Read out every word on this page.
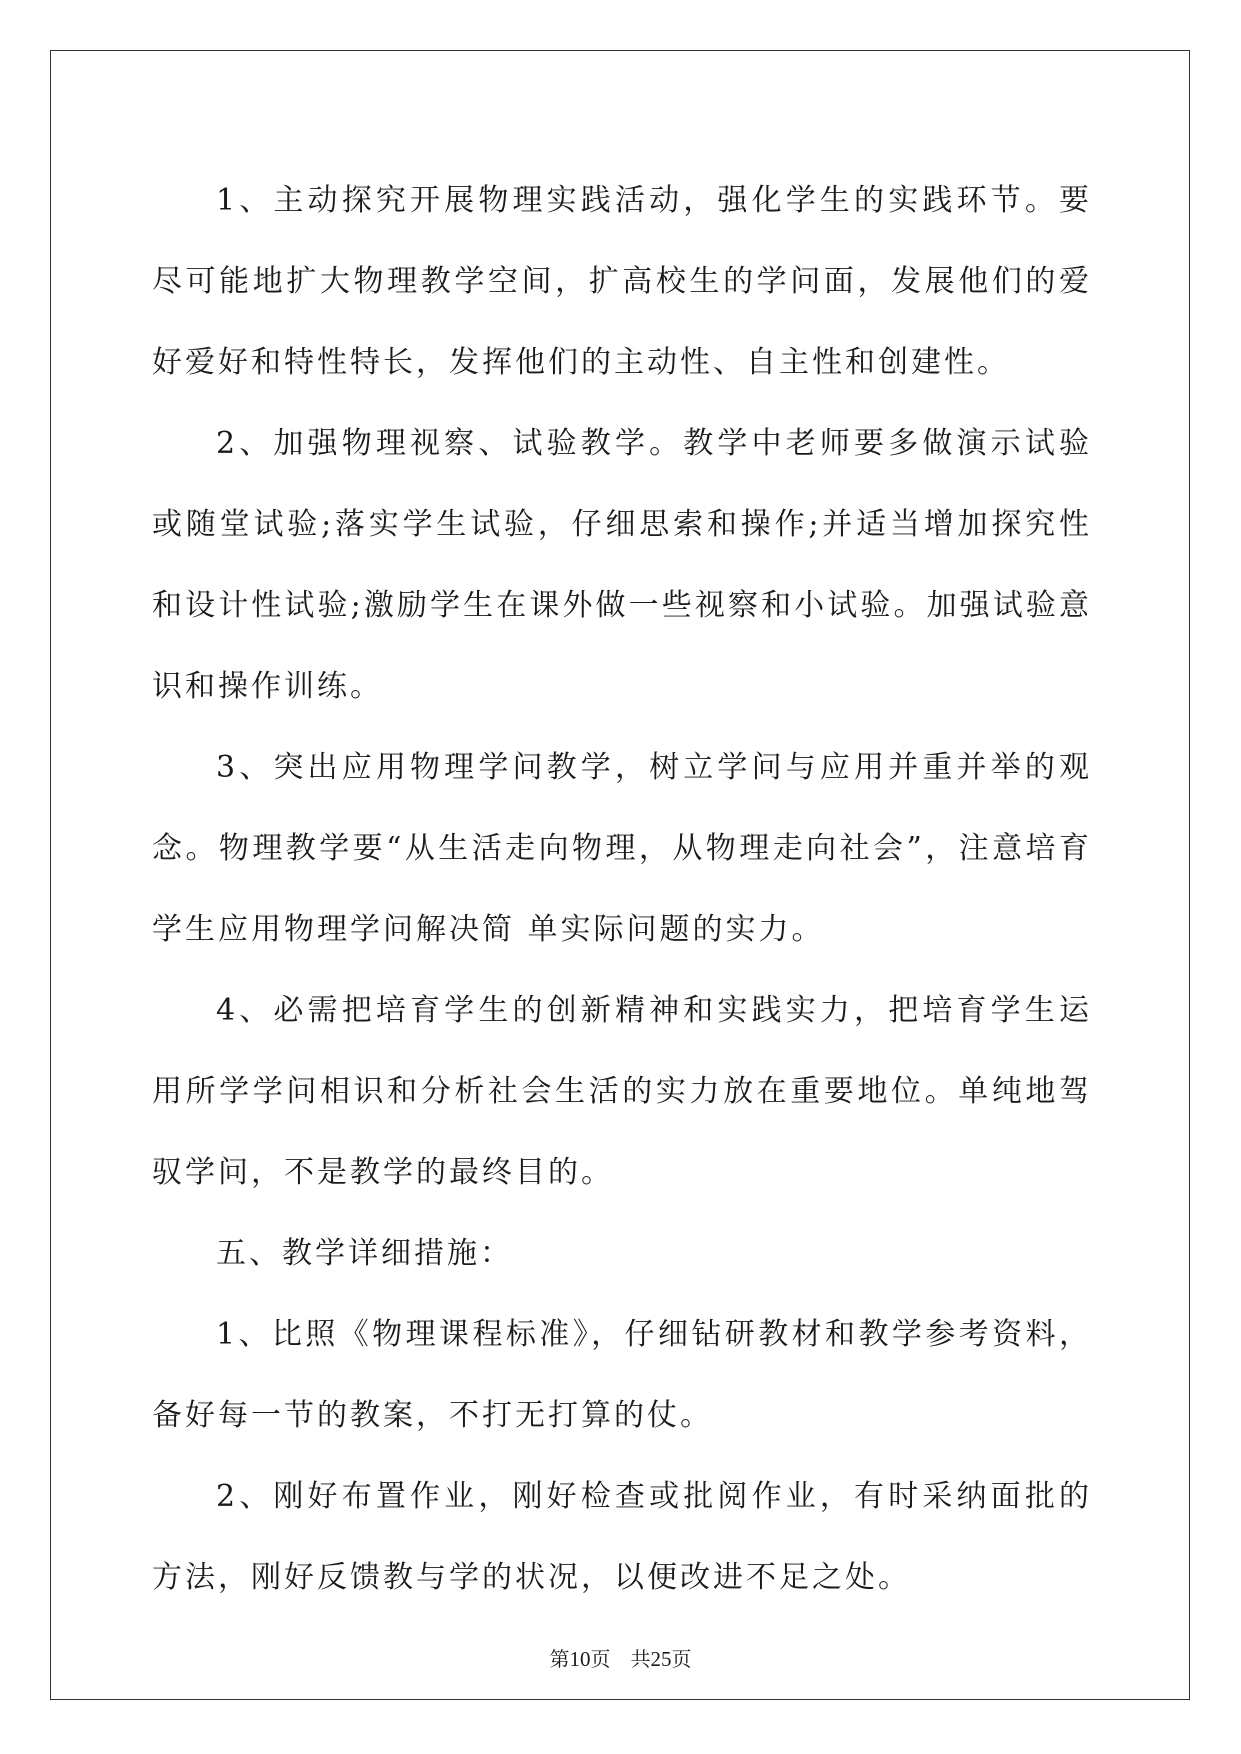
1、主动探究开展物理实践活动，强化学生的实践环节。要尽可能地扩大物理教学空间，扩高校生的学问面，发展他们的爱好爱好和特性特长，发挥他们的主动性、自主性和创建性。

2、加强物理视察、试验教学。教学中老师要多做演示试验或随堂试验;落实学生试验，仔细思索和操作;并适当增加探究性和设计性试验;激励学生在课外做一些视察和小试验。加强试验意识和操作训练。

3、突出应用物理学问教学，树立学问与应用并重并举的观念。物理教学要“从生活走向物理，从物理走向社会”，注意培育学生应用物理学问解决简 单实际问题的实力。

4、必需把培育学生的创新精神和实践实力，把培育学生运用所学学问相识和分析社会生活的实力放在重要地位。单纯地驾驭学问，不是教学的最终目的。

五、教学详细措施：

1、比照《物理课程标准》，仔细钻研教材和教学参考资料，备好每一节的教案，不打无打算的仗。

2、刚好布置作业，刚好检查或批阅作业，有时采纳面批的方法，刚好反馈教与学的状况，以便改进不足之处。

第10页 共25页
